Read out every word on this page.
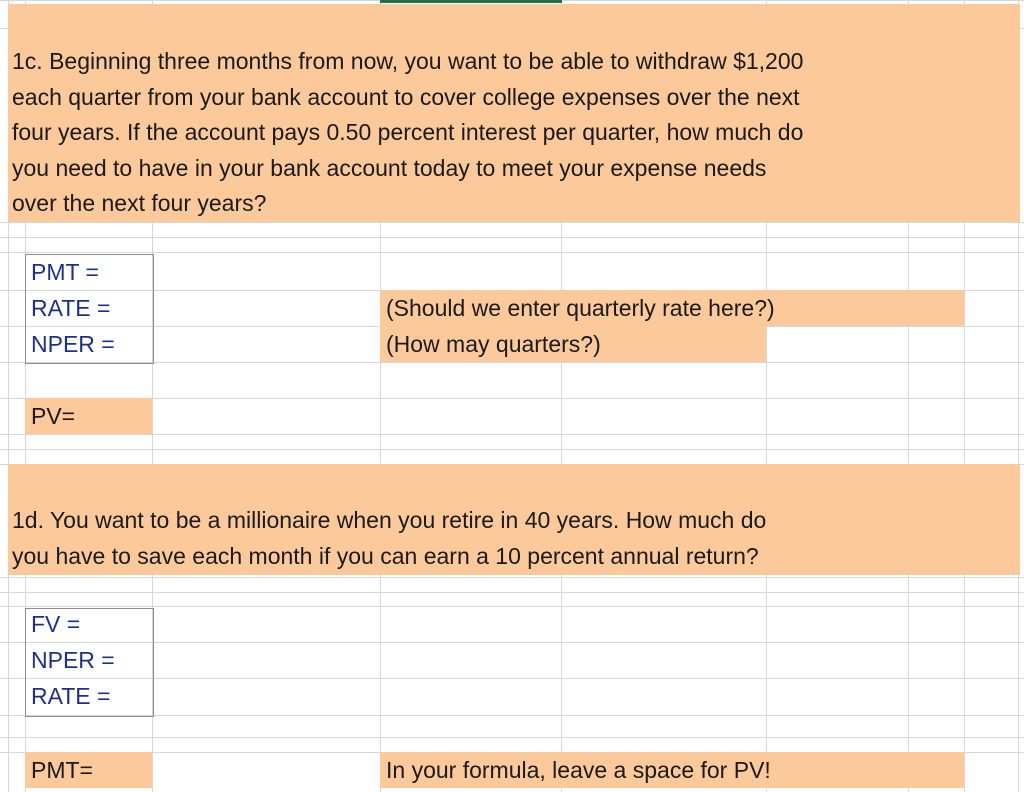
1c. Beginning three months from now, you want to be able to withdraw $1,200

each quarter from your bank account to cover college expenses over the next

four years. If the account pays 0.50 percent interest per quarter, how much do

you need to have in your bank account today to meet your expense needs

over the next four years?

PMT =
RATE =
NPER =
(Should we enter quarterly rate here?)
(How may quarters?)
PV=

1d. You want to be a millionaire when you retire in 40 years. How much do

you have to save each month if you can earn a 10 percent annual return?

FV =
NPER =
RATE =
PMT=	In your formula, leave a space for PV!
